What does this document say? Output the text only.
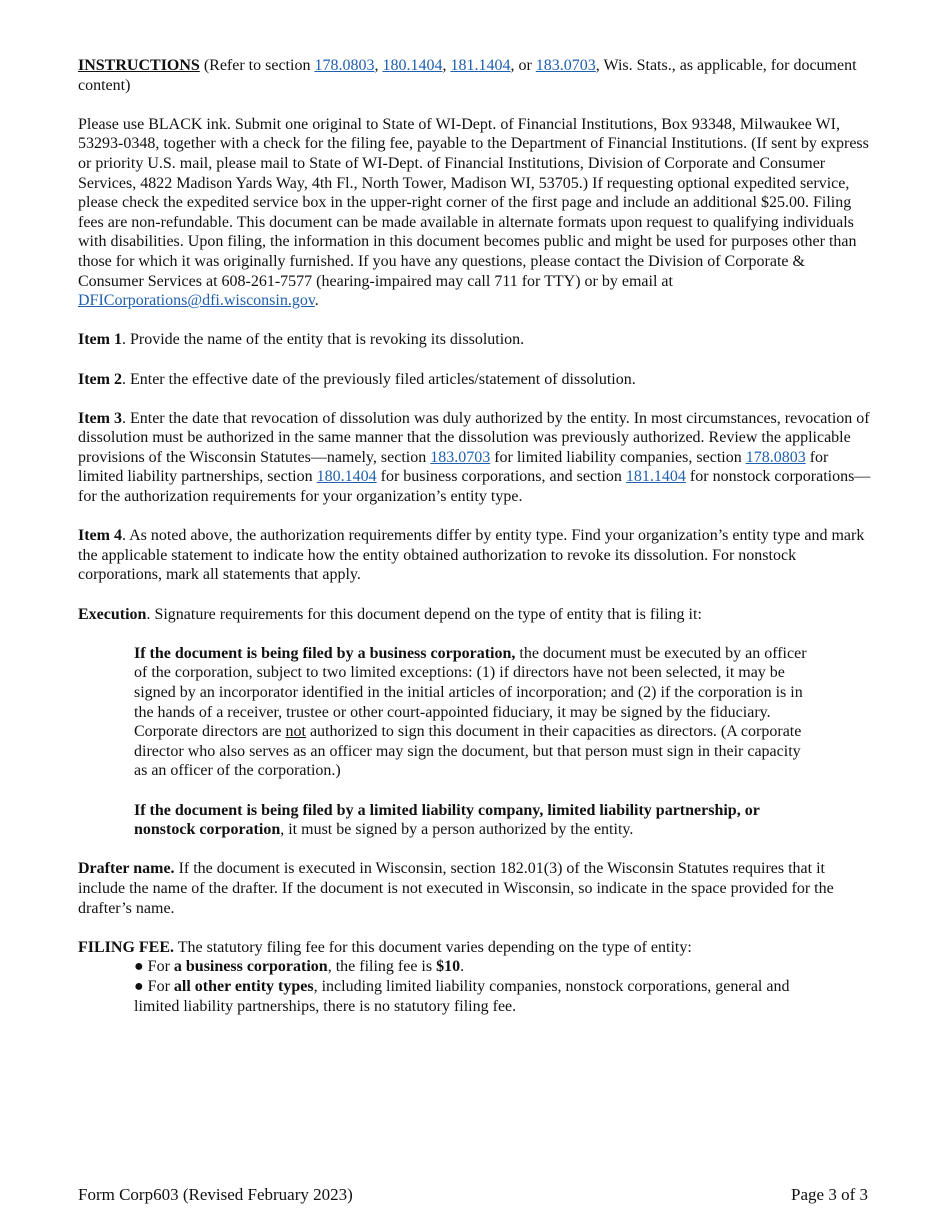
INSTRUCTIONS (Refer to section 178.0803, 180.1404, 181.1404, or 183.0703, Wis. Stats., as applicable, for document content)

Please use BLACK ink. Submit one original to State of WI-Dept. of Financial Institutions, Box 93348, Milwaukee WI, 53293-0348, together with a check for the filing fee, payable to the Department of Financial Institutions. (If sent by express or priority U.S. mail, please mail to State of WI-Dept. of Financial Institutions, Division of Corporate and Consumer Services, 4822 Madison Yards Way, 4th Fl., North Tower, Madison WI, 53705.) If requesting optional expedited service, please check the expedited service box in the upper-right corner of the first page and include an additional $25.00. Filing fees are non-refundable. This document can be made available in alternate formats upon request to qualifying individuals with disabilities. Upon filing, the information in this document becomes public and might be used for purposes other than those for which it was originally furnished. If you have any questions, please contact the Division of Corporate & Consumer Services at 608-261-7577 (hearing-impaired may call 711 for TTY) or by email at DFICorporations@dfi.wisconsin.gov.

Item 1. Provide the name of the entity that is revoking its dissolution.

Item 2. Enter the effective date of the previously filed articles/statement of dissolution.

Item 3. Enter the date that revocation of dissolution was duly authorized by the entity. In most circumstances, revocation of dissolution must be authorized in the same manner that the dissolution was previously authorized. Review the applicable provisions of the Wisconsin Statutes—namely, section 183.0703 for limited liability companies, section 178.0803 for limited liability partnerships, section 180.1404 for business corporations, and section 181.1404 for nonstock corporations—for the authorization requirements for your organization’s entity type.

Item 4. As noted above, the authorization requirements differ by entity type. Find your organization’s entity type and mark the applicable statement to indicate how the entity obtained authorization to revoke its dissolution. For nonstock corporations, mark all statements that apply.

Execution. Signature requirements for this document depend on the type of entity that is filing it:

If the document is being filed by a business corporation, the document must be executed by an officer of the corporation, subject to two limited exceptions: (1) if directors have not been selected, it may be signed by an incorporator identified in the initial articles of incorporation; and (2) if the corporation is in the hands of a receiver, trustee or other court-appointed fiduciary, it may be signed by the fiduciary. Corporate directors are not authorized to sign this document in their capacities as directors. (A corporate director who also serves as an officer may sign the document, but that person must sign in their capacity as an officer of the corporation.)

If the document is being filed by a limited liability company, limited liability partnership, or nonstock corporation, it must be signed by a person authorized by the entity.

Drafter name. If the document is executed in Wisconsin, section 182.01(3) of the Wisconsin Statutes requires that it include the name of the drafter. If the document is not executed in Wisconsin, so indicate in the space provided for the drafter’s name.

FILING FEE. The statutory filing fee for this document varies depending on the type of entity:
● For a business corporation, the filing fee is $10.
● For all other entity types, including limited liability companies, nonstock corporations, general and limited liability partnerships, there is no statutory filing fee.
Form Corp603 (Revised February 2023)	Page 3 of 3
